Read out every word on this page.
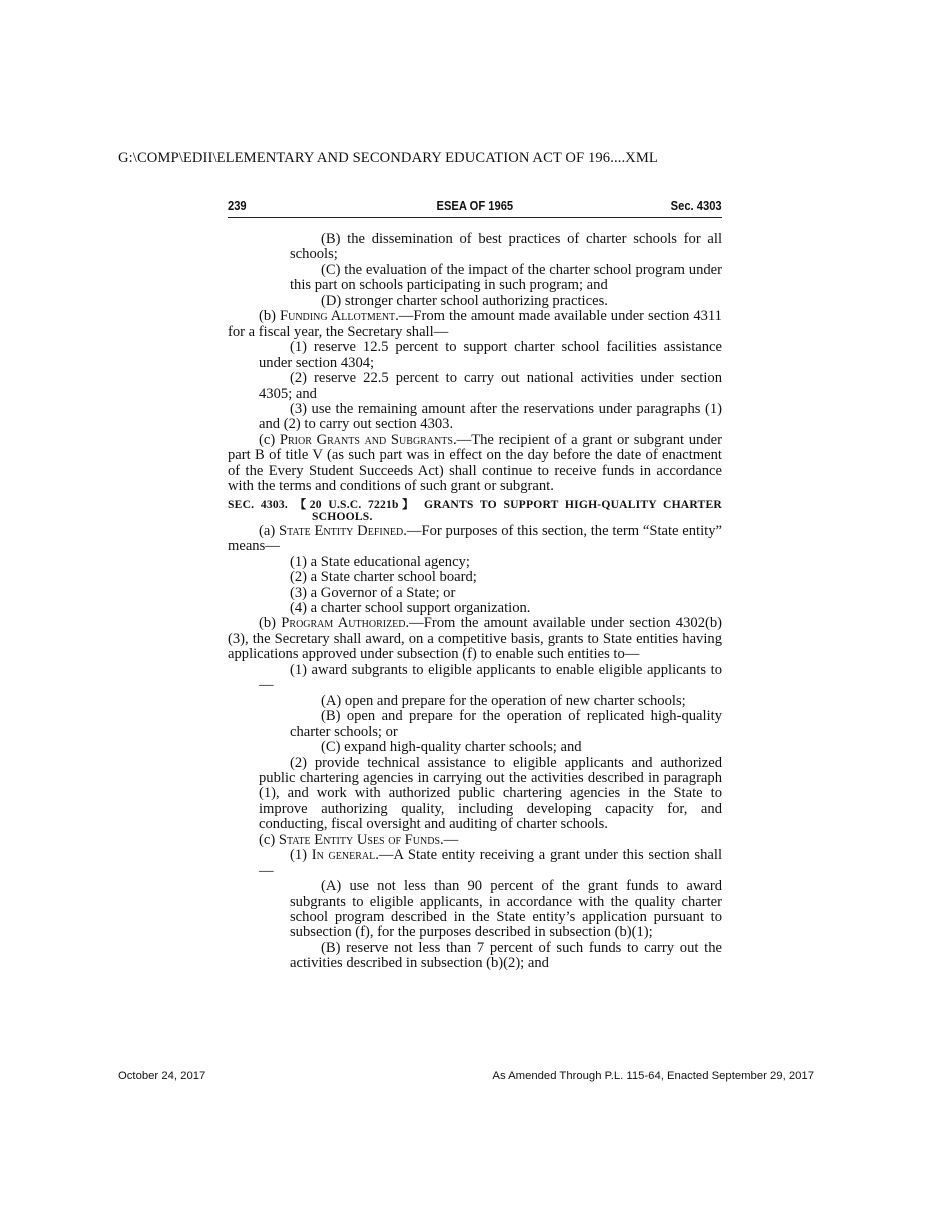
G:\COMP\EDII\ELEMENTARY AND SECONDARY EDUCATION ACT OF 196....XML
239	ESEA OF 1965	Sec. 4303

(B) the dissemination of best practices of charter schools for all schools;

(C) the evaluation of the impact of the charter school program under this part on schools participating in such program; and

(D) stronger charter school authorizing practices.

(b) Funding Allotment.—From the amount made available under section 4311 for a fiscal year, the Secretary shall—

(1) reserve 12.5 percent to support charter school facilities assistance under section 4304;

(2) reserve 22.5 percent to carry out national activities under section 4305; and

(3) use the remaining amount after the reservations under paragraphs (1) and (2) to carry out section 4303.

(c) Prior Grants and Subgrants.—The recipient of a grant or subgrant under part B of title V (as such part was in effect on the day before the date of enactment of the Every Student Succeeds Act) shall continue to receive funds in accordance with the terms and conditions of such grant or subgrant.

SEC. 4303. 【20 U.S.C. 7221b】 GRANTS TO SUPPORT HIGH-QUALITY CHARTER SCHOOLS.

(a) State Entity Defined.—For purposes of this section, the term “State entity” means—

(1) a State educational agency;

(2) a State charter school board;

(3) a Governor of a State; or

(4) a charter school support organization.

(b) Program Authorized.—From the amount available under section 4302(b)(3), the Secretary shall award, on a competitive basis, grants to State entities having applications approved under subsection (f) to enable such entities to—

(1) award subgrants to eligible applicants to enable eligible applicants to—

(A) open and prepare for the operation of new charter schools;

(B) open and prepare for the operation of replicated high-quality charter schools; or

(C) expand high-quality charter schools; and

(2) provide technical assistance to eligible applicants and authorized public chartering agencies in carrying out the activities described in paragraph (1), and work with authorized public chartering agencies in the State to improve authorizing quality, including developing capacity for, and conducting, fiscal oversight and auditing of charter schools.

(c) State Entity Uses of Funds.—

(1) In general.—A State entity receiving a grant under this section shall—

(A) use not less than 90 percent of the grant funds to award subgrants to eligible applicants, in accordance with the quality charter school program described in the State entity’s application pursuant to subsection (f), for the purposes described in subsection (b)(1);

(B) reserve not less than 7 percent of such funds to carry out the activities described in subsection (b)(2); and

October 24, 2017	As Amended Through P.L. 115-64, Enacted September 29, 2017
